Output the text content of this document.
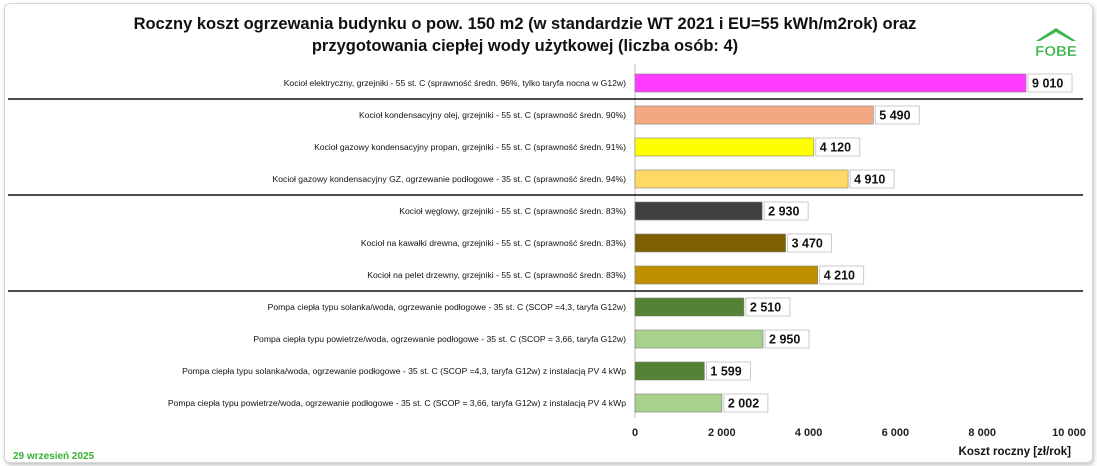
Roczny koszt ogrzewania budynku o pow. 150 m2 (w standardzie WT 2021 i EU=55 kWh/m2rok) oraz
przygotowania ciepłej wody użytkowej (liczba osób: 4)	FOBE
29 wrzesień 2025
Kocioł elektryczny, grzejniki - 55 st. C (sprawność średn. 96%, tylko taryfa nocna w G12w)	9 010
Kocioł kondensacyjny olej, grzejniki - 55 st. C (sprawność średn. 90%)	5 490
Kocioł gazowy kondensacyjny propan, grzejniki - 55 st. C (sprawność średn. 91%)	4 120
Kocioł gazowy kondensacyjny GZ, ogrzewanie podłogowe - 35 st. C (sprawność średn. 94%)	4 910
Kocioł węglowy, grzejniki - 55 st. C (sprawność średn. 83%)	2 930
Kocioł na kawałki drewna, grzejniki - 55 st. C (sprawność średn. 83%)	3 470
Kocioł na pelet drzewny, grzejniki - 55 st. C (sprawność średn. 83%)	4 210
Pompa ciepła typu solanka/woda, ogrzewanie podłogowe - 35 st. C (SCOP =4,3, taryfa G12w)	2 510
Pompa ciepła typu powietrze/woda, ogrzewanie podłogowe - 35 st. C (SCOP = 3,66, taryfa G12w)	2 950
Pompa ciepła typu solanka/woda, ogrzewanie podłogowe - 35 st. C (SCOP =4,3, taryfa G12w) z instalacją PV 4 kWp	1 599
Pompa ciepła typu powietrze/woda, ogrzewanie podłogowe - 35 st. C (SCOP = 3,66, taryfa G12w) z instalacją PV 4 kWp	2 002
0	2 000	4 000	6 000	8 000	10 000
Koszt roczny [zł/rok]
